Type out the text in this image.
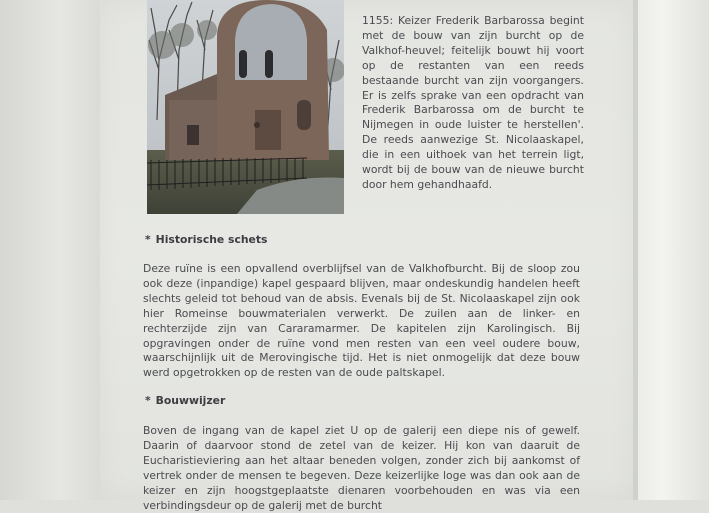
1155: Keizer Frederik Barbarossa begint met de bouw van zijn burcht op de Valkhof-heuvel; feitelijk bouwt hij voort op de restanten van een reeds bestaande burcht van zijn voorgangers. Er is zelfs sprake van een opdracht van Frederik Barbarossa om de burcht te Nijmegen in oude luister te herstellen'. De reeds aanwezige St. Nicolaaskapel, die in een uithoek van het terrein ligt, wordt bij de bouw van de nieuwe burcht door hem gehandhaafd.

* Historische schets

Deze ruïne is een opvallend overblijfsel van de Valkhofburcht. Bij de sloop zou ook deze (inpandige) kapel gespaard blijven, maar ondeskundig handelen heeft slechts geleid tot behoud van de absis. Evenals bij de St. Nicolaaskapel zijn ook hier Romeinse bouwmaterialen verwerkt. De zuilen aan de linker- en rechterzijde zijn van Cararamarmer. De kapitelen zijn Karolingisch. Bij opgravingen onder de ruïne vond men resten van een veel oudere bouw, waarschijnlijk uit de Merovingische tijd. Het is niet onmogelijk dat deze bouw werd opgetrokken op de resten van de oude paltskapel.

* Bouwwijzer

Boven de ingang van de kapel ziet U op de galerij een diepe nis of gewelf. Daarin of daarvoor stond de zetel van de keizer. Hij kon van daaruit de Eucharistieviering aan het altaar beneden volgen, zonder zich bij aankomst of vertrek onder de mensen te begeven. Deze keizerlijke loge was dan ook aan de keizer en zijn hoogstgeplaatste dienaren voorbehouden en was via een verbindingsdeur op de galerij met de burcht
